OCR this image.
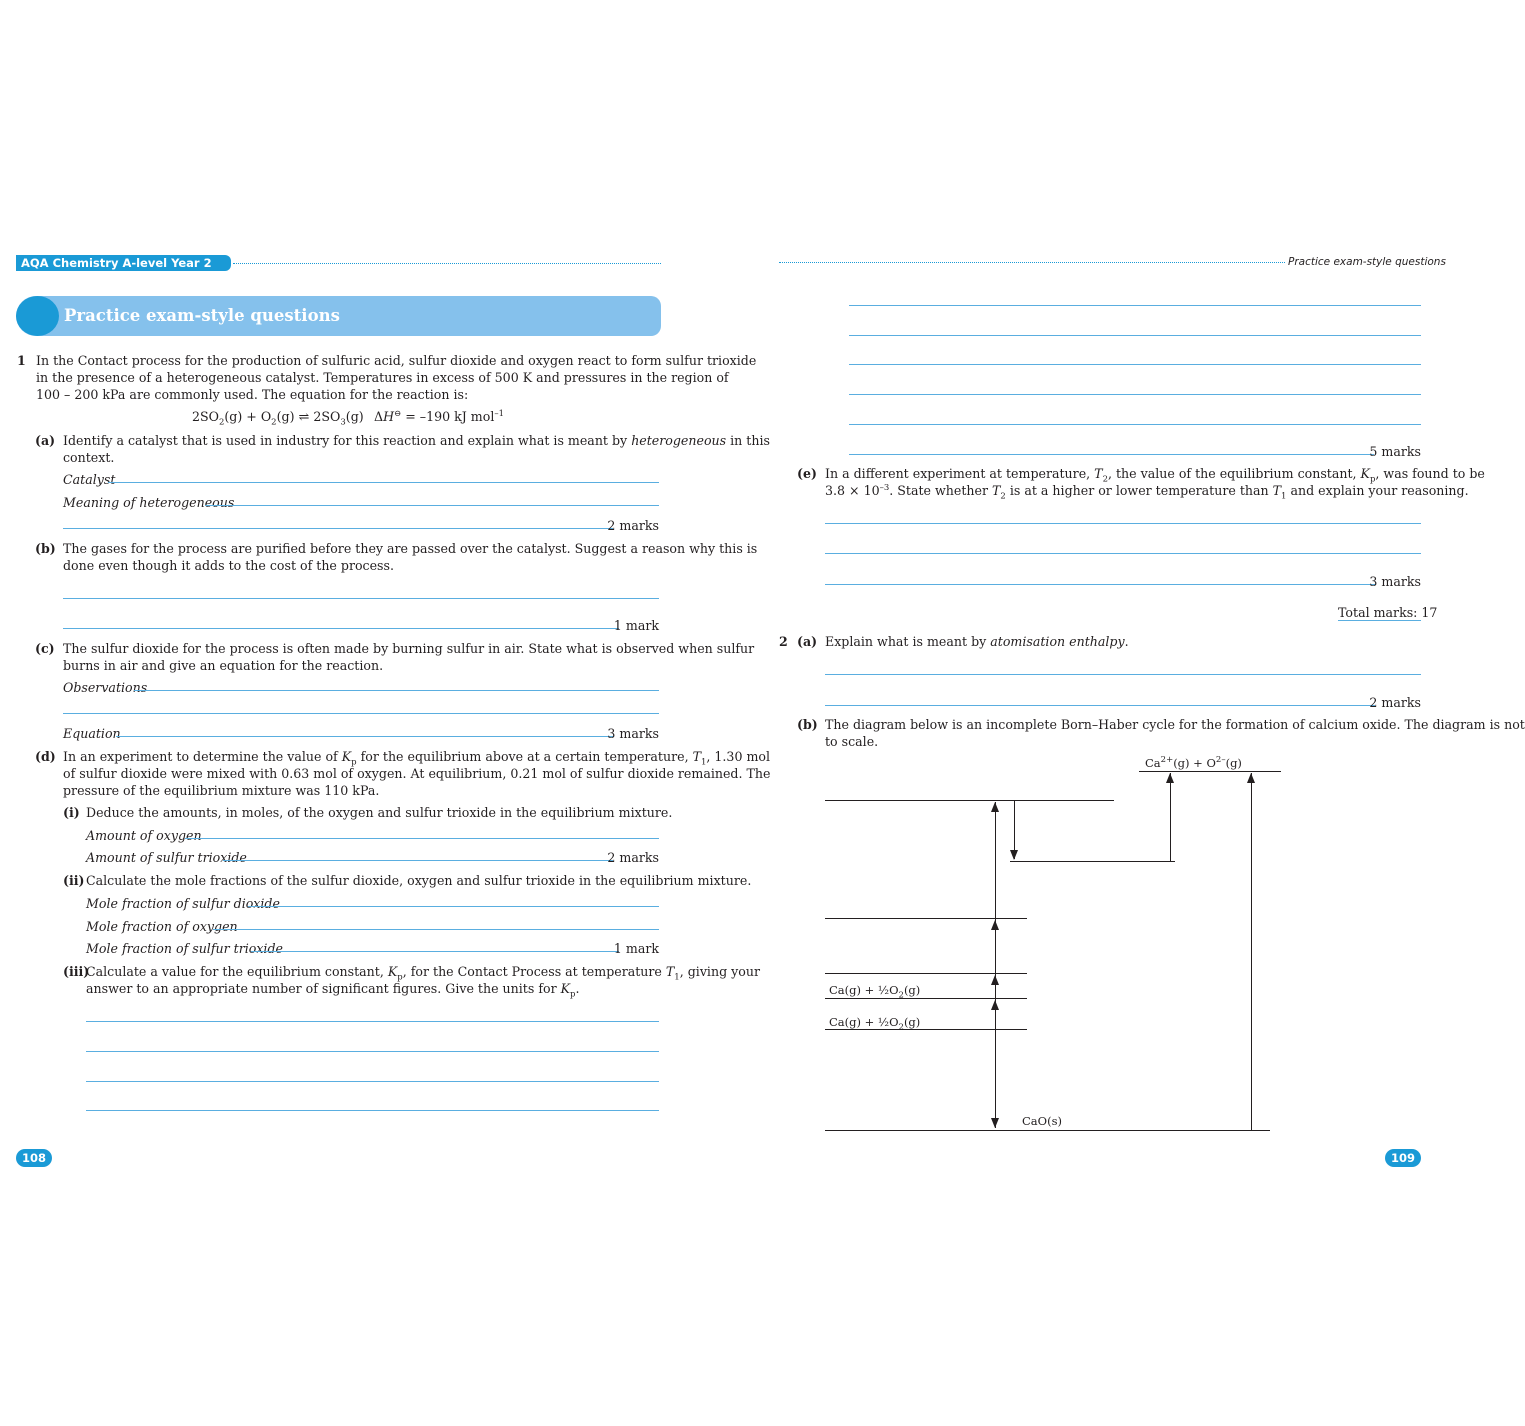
AQA Chemistry A-level Year 2
Practice exam-style questions
1 In the Contact process for the production of sulfuric acid, sulfur dioxide and oxygen react to form sulfur trioxide
in the presence of a heterogeneous catalyst. Temperatures in excess of 500 K and pressures in the region of
100 – 200 kPa are commonly used. The equation for the reaction is:
$2SO_2(g) + O_2(g)$ ⇌ $2SO_3(g) \Delta H^⊖ = -190$ kJ mol$^{-1}$
(a) Identify a catalyst that is used in industry for this reaction and explain what is meant by heterogeneous in this
context.
Catalyst
Meaning of heterogeneous
2 marks
(b) The gases for the process are purified before they are passed over the catalyst. Suggest a reason why this is
done even though it adds to the cost of the process.
1 mark
(c) The sulfur dioxide for the process is often made by burning sulfur in air. State what is observed when sulfur
burns in air and give an equation for the reaction.
Observations
Equation	3 marks
(d) In an experiment to determine the value of $K_p$ for the equilibrium above at a certain temperature, $T_1$, 1.30 mol
of sulfur dioxide were mixed with 0.63 mol of oxygen. At equilibrium, 0.21 mol of sulfur dioxide remained. The
pressure of the equilibrium mixture was 110 kPa.
(i) Deduce the amounts, in moles, of the oxygen and sulfur trioxide in the equilibrium mixture.
Amount of oxygen
Amount of sulfur trioxide	2 marks
(ii) Calculate the mole fractions of the sulfur dioxide, oxygen and sulfur trioxide in the equilibrium mixture.
Mole fraction of sulfur dioxide
Mole fraction of oxygen
Mole fraction of sulfur trioxide	1 mark
(iii)
Calculate a value for the equilibrium constant, $K_p$, for the Contact Process at temperature $T_1$, giving your
answer to an appropriate number of significant figures. Give the units for $K_p$.
108
Practice exam-style questions
5 marks
(e) In a different experiment at temperature, $T_2$, the value of the equilibrium constant, $K_p$, was found to be
$3.8 \times 10^{-3}$. State whether $T_2$ is at a higher or lower temperature than $T_1$ and explain your reasoning.
3 marks
Total marks: 17
2 (a) Explain what is meant by atomisation enthalpy.
2 marks
(b) The diagram below is an incomplete Born–Haber cycle for the formation of calcium oxide. The diagram is not
to scale.
$Ca^{2+}(g) + O^{2-}(g)$
$Ca(g) + \frac{1}{2}O_2(g)$
$Ca(g) + \frac{1}{2}O_2(g)$
CaO(s)
109
